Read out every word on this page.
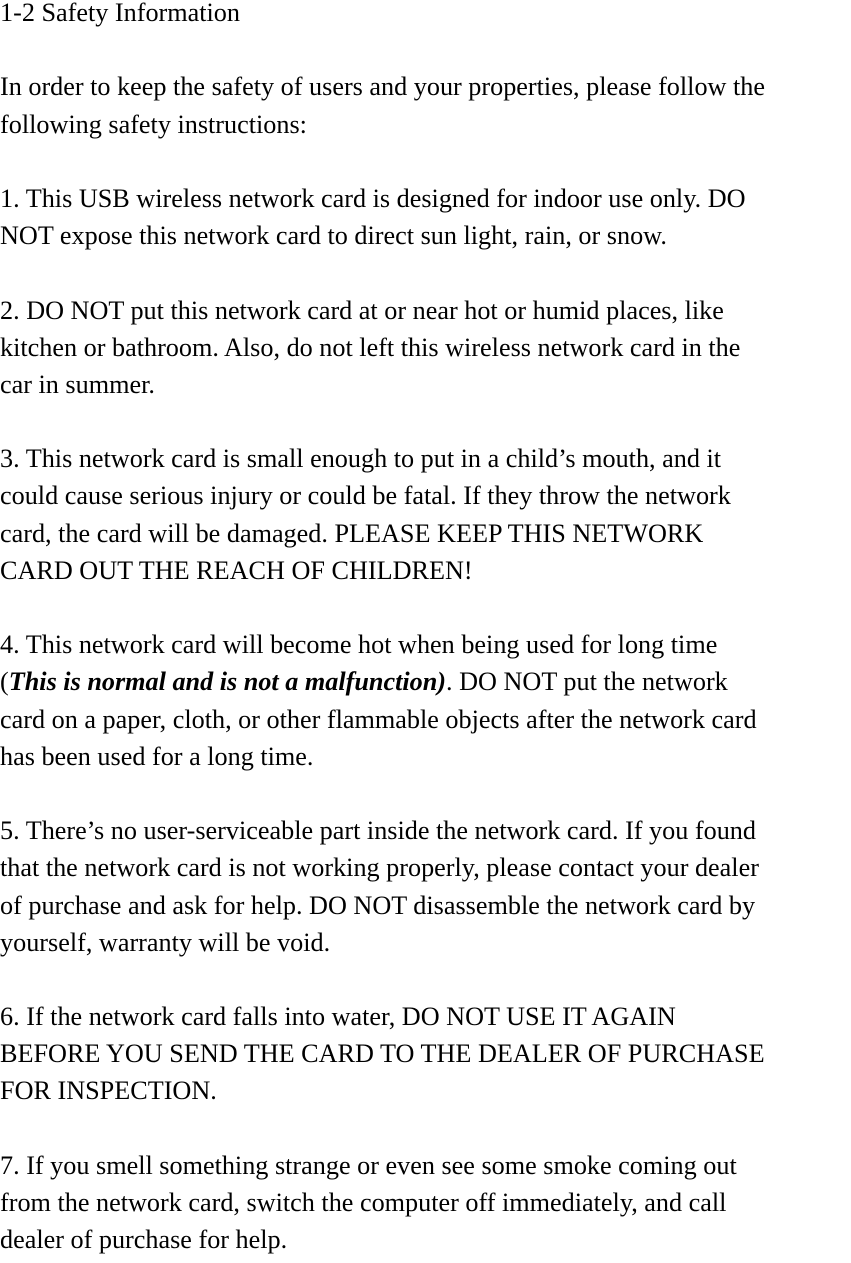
1-2 Safety Information
In order to keep the safety of users and your properties, please follow the
following safety instructions:
1. This USB wireless network card is designed for indoor use only. DO
NOT expose this network card to direct sun light, rain, or snow.
2. DO NOT put this network card at or near hot or humid places, like
kitchen or bathroom. Also, do not left this wireless network card in the
car in summer.
3. This network card is small enough to put in a child’s mouth, and it
could cause serious injury or could be fatal. If they throw the network
card, the card will be damaged. PLEASE KEEP THIS NETWORK
CARD OUT THE REACH OF CHILDREN!
4. This network card will become hot when being used for long time
(This is normal and is not a malfunction). DO NOT put the network
card on a paper, cloth, or other flammable objects after the network card
has been used for a long time.
5. There’s no user-serviceable part inside the network card. If you found
that the network card is not working properly, please contact your dealer
of purchase and ask for help. DO NOT disassemble the network card by
yourself, warranty will be void.
6. If the network card falls into water, DO NOT USE IT AGAIN
BEFORE YOU SEND THE CARD TO THE DEALER OF PURCHASE
FOR INSPECTION.
7. If you smell something strange or even see some smoke coming out
from the network card, switch the computer off immediately, and call
dealer of purchase for help.
